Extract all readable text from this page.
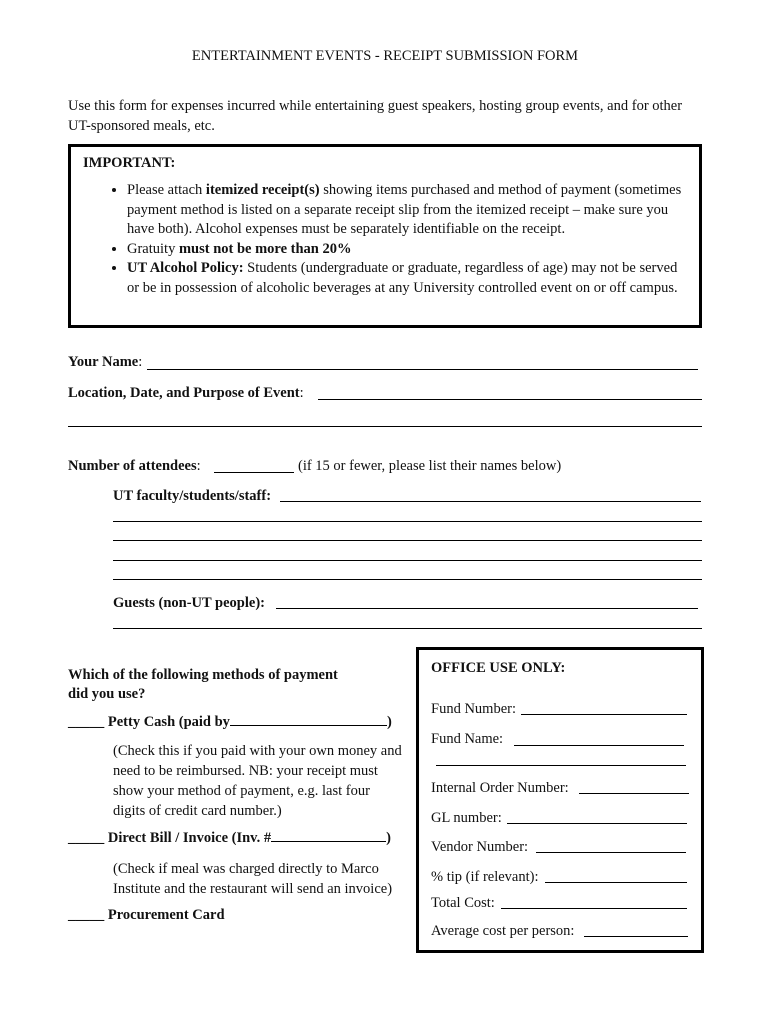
ENTERTAINMENT EVENTS - RECEIPT SUBMISSION FORM
Use this form for expenses incurred while entertaining guest speakers, hosting group events, and for other UT-sponsored meals, etc.
IMPORTANT:
• Please attach itemized receipt(s) showing items purchased and method of payment (sometimes payment method is listed on a separate receipt slip from the itemized receipt – make sure you have both). Alcohol expenses must be separately identifiable on the receipt.
• Gratuity must not be more than 20%
• UT Alcohol Policy: Students (undergraduate or graduate, regardless of age) may not be served or be in possession of alcoholic beverages at any University controlled event on or off campus.
Your Name:
Location, Date, and Purpose of Event:
Number of attendees:	(if 15 or fewer, please list their names below)
UT faculty/students/staff:
Guests (non-UT people):
Which of the following methods of payment
did you use?
_____ Petty Cash (paid by	)
(Check this if you paid with your own money and need to be reimbursed. NB: your receipt must show your method of payment, e.g. last four digits of credit card number.)
_____ Direct Bill / Invoice (Inv. #	)
(Check if meal was charged directly to Marco Institute and the restaurant will send an invoice)
_____ Procurement Card
OFFICE USE ONLY:
Fund Number:
Fund Name:
Internal Order Number:
GL number:
Vendor Number:
% tip (if relevant):
Total Cost:
Average cost per person:
